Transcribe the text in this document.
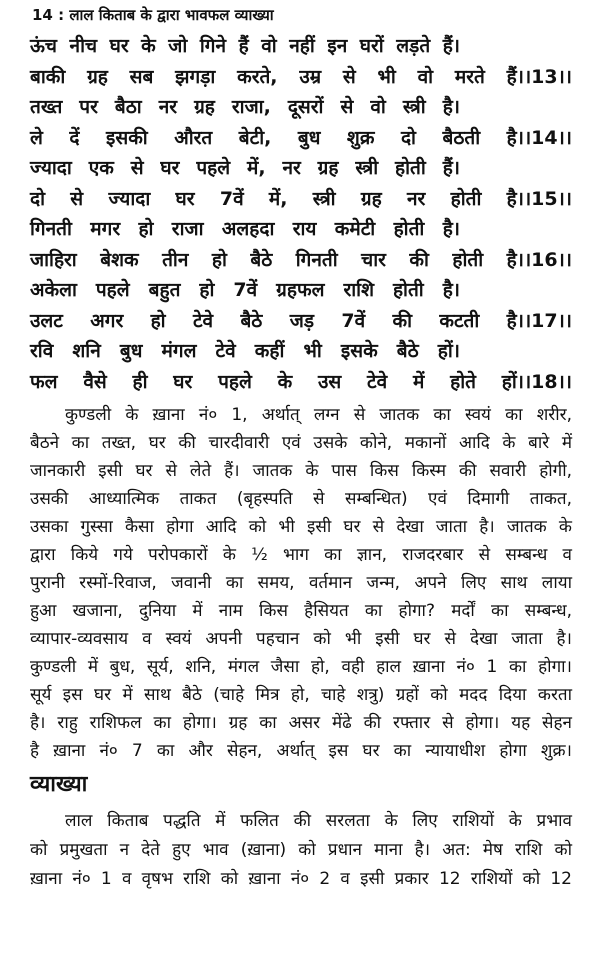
14 : लाल किताब के द्वारा भावफल व्याख्या
ऊंच नीच घर के जो गिने हैं वो नहीं इन घरों लड़ते हैं।
बाकी ग्रह सब झगड़ा करते, उम्र से भी वो मरते हैं।।13।।
तख्त पर बैठा नर ग्रह राजा, दूसरों से वो स्त्री है।
ले दें इसकी औरत बेटी, बुध शुक्र दो बैठती है।।14।।
ज्यादा एक से घर पहले में, नर ग्रह स्त्री होती हैं।
दो से ज्यादा घर 7वें में, स्त्री ग्रह नर होती है।।15।।
गिनती मगर हो राजा अलहदा राय कमेटी होती है।
जाहिरा बेशक तीन हो बैठे गिनती चार की होती है।।16।।
अकेला पहले बहुत हो 7वें ग्रहफल राशि होती है।
उलट अगर हो टेवे बैठे जड़ 7वें की कटती है।।17।।
रवि शनि बुध मंगल टेवे कहीं भी इसके बैठे हों।
फल वैसे ही घर पहले के उस टेवे में होते हों।।18।।
कुण्डली के ख़ाना नं० 1, अर्थात् लग्न से जातक का स्वयं का शरीर,
बैठने का तख्त, घर की चारदीवारी एवं उसके कोने, मकानों आदि के बारे में
जानकारी इसी घर से लेते हैं। जातक के पास किस किस्म की सवारी होगी,
उसकी आध्यात्मिक ताकत (बृहस्पति से सम्बन्धित) एवं दिमागी ताकत,
उसका गुस्सा कैसा होगा आदि को भी इसी घर से देखा जाता है। जातक के
द्वारा किये गये परोपकारों के ½ भाग का ज्ञान, राजदरबार से सम्बन्ध व
पुरानी रस्मों-रिवाज, जवानी का समय, वर्तमान जन्म, अपने लिए साथ लाया
हुआ खजाना, दुनिया में नाम किस हैसियत का होगा? मर्दों का सम्बन्ध,
व्यापार-व्यवसाय व स्वयं अपनी पहचान को भी इसी घर से देखा जाता है।
कुण्डली में बुध, सूर्य, शनि, मंगल जैसा हो, वही हाल ख़ाना नं० 1 का होगा।
सूर्य इस घर में साथ बैठे (चाहे मित्र हो, चाहे शत्रु) ग्रहों को मदद दिया करता
है। राहु राशिफल का होगा। ग्रह का असर मेंढे की रफ्तार से होगा। यह सेहन
है ख़ाना नं० 7 का और सेहन, अर्थात् इस घर का न्यायाधीश होगा शुक्र।
व्याख्या
लाल किताब पद्धति में फलित की सरलता के लिए राशियों के प्रभाव
को प्रमुखता न देते हुए भाव (ख़ाना) को प्रधान माना है। अत: मेष राशि को
ख़ाना नं० 1 व वृषभ राशि को ख़ाना नं० 2 व इसी प्रकार 12 राशियों को 12
